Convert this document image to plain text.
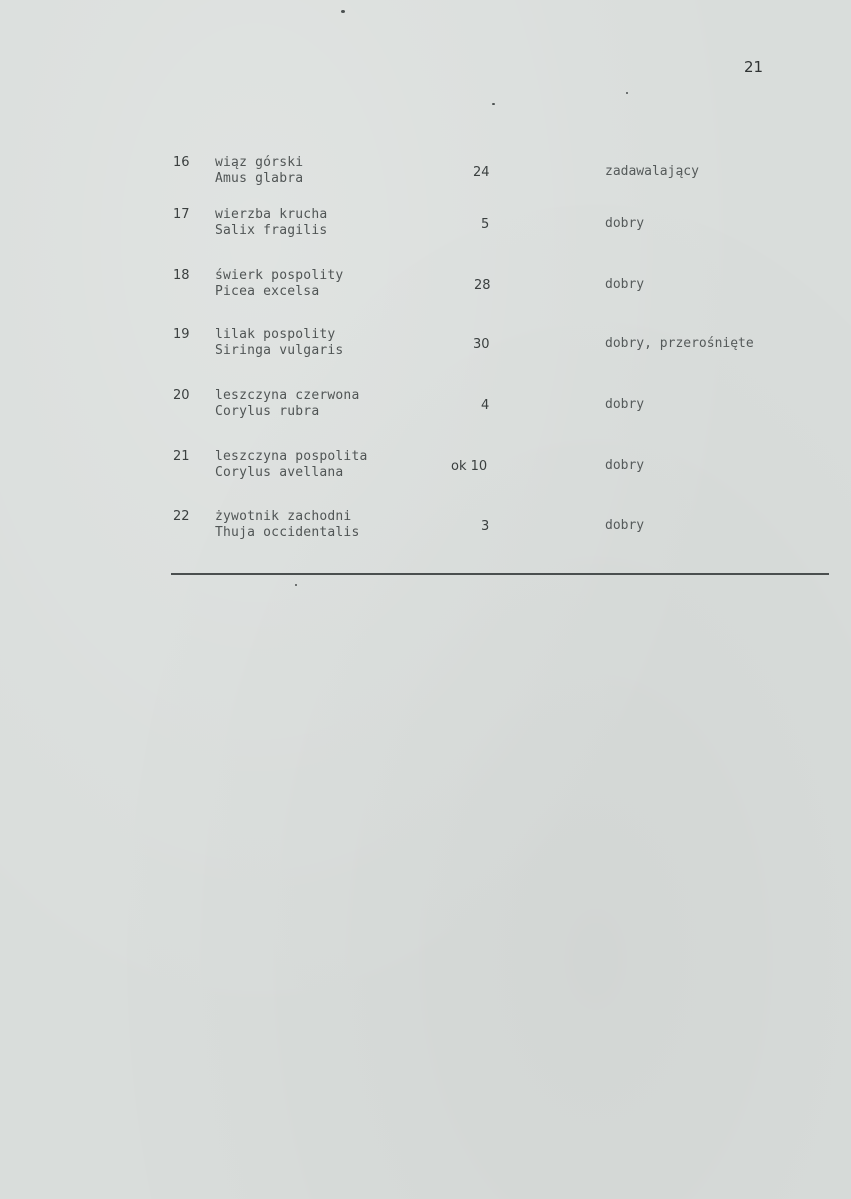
21
16 wiąz górski
Amus glabra	24	zadawalający
17 wierzba krucha
Salix fragilis	5	dobry
18 świerk pospolity
Picea excelsa	28	dobry
19 lilak pospolity
Siringa vulgaris	30	dobry, przerośnięte
20 leszczyna czerwona
Corylus rubra	4	dobry
21 leszczyna pospolita
Corylus avellana	ok 10	dobry
22 żywotnik zachodni
Thuja occidentalis	3	dobry
